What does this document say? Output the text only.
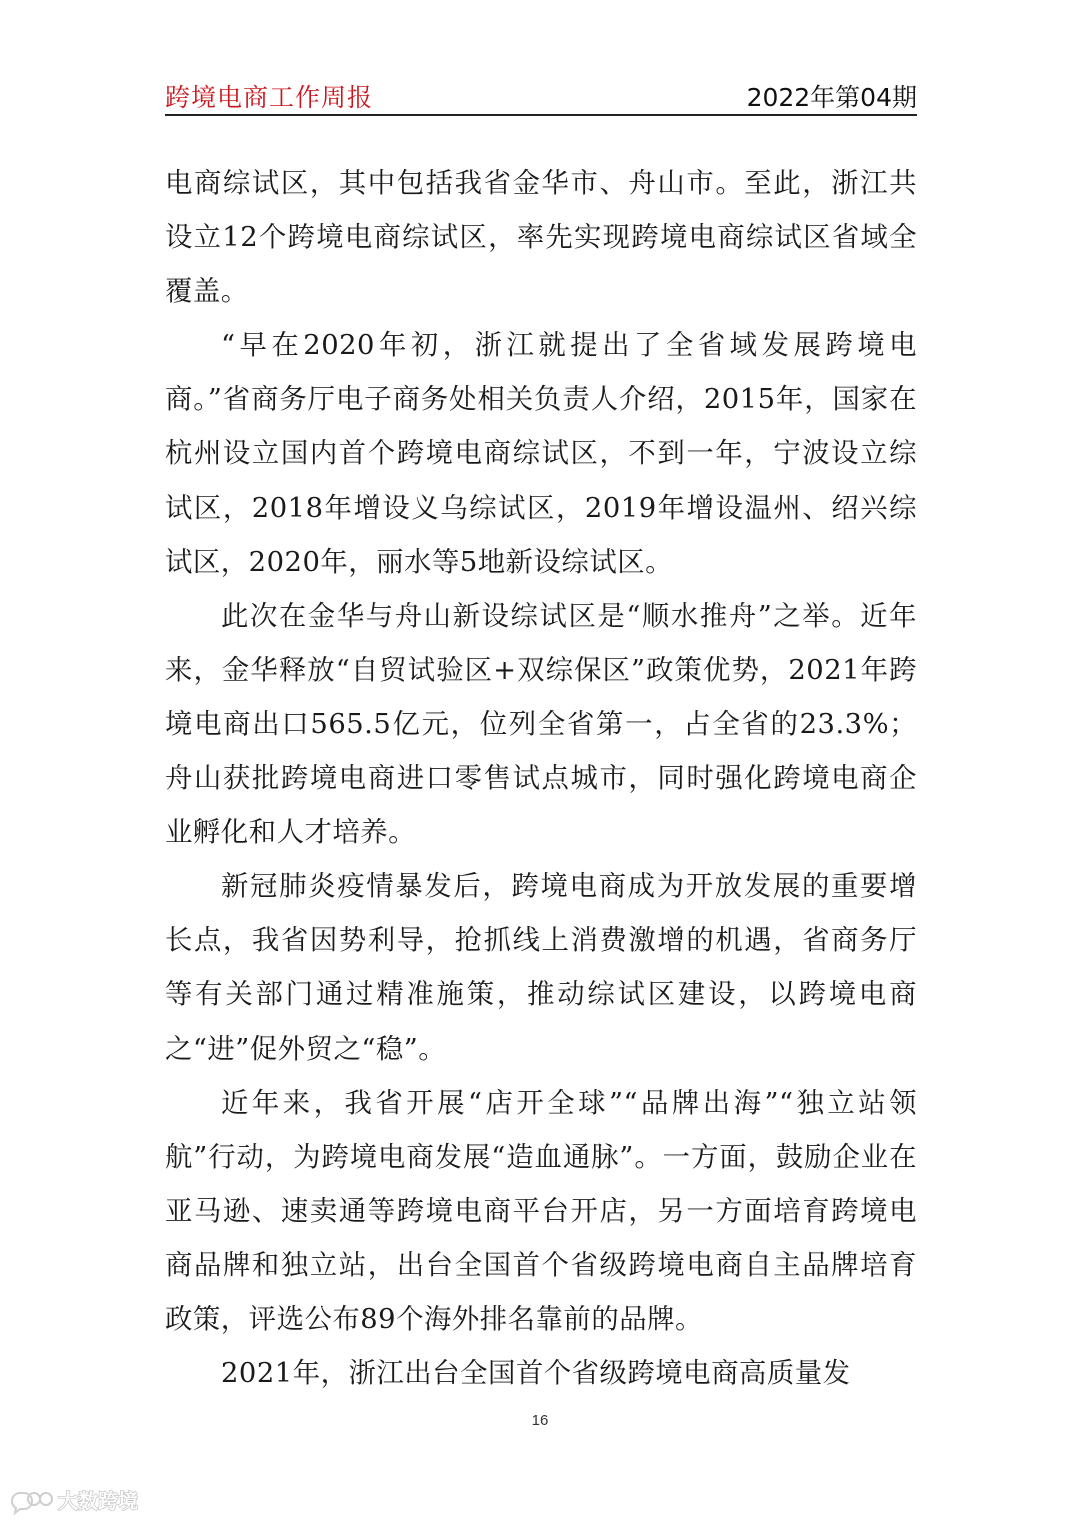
跨境电商工作周报	2022年第04期

电商综试区，其中包括我省金华市、舟山市。至此，浙江共设立12个跨境电商综试区，率先实现跨境电商综试区省域全覆盖。

“早在2020年初，浙江就提出了全省域发展跨境电商。”省商务厅电子商务处相关负责人介绍，2015年，国家在杭州设立国内首个跨境电商综试区，不到一年，宁波设立综试区，2018年增设义乌综试区，2019年增设温州、绍兴综试区，2020年，丽水等5地新设综试区。

此次在金华与舟山新设综试区是“顺水推舟”之举。近年来，金华释放“自贸试验区+双综保区”政策优势，2021年跨境电商出口565.5亿元，位列全省第一，占全省的23.3%；舟山获批跨境电商进口零售试点城市，同时强化跨境电商企业孵化和人才培养。

新冠肺炎疫情暴发后，跨境电商成为开放发展的重要增长点，我省因势利导，抢抓线上消费激增的机遇，省商务厅等有关部门通过精准施策，推动综试区建设，以跨境电商之“进”促外贸之“稳”。

近年来，我省开展“店开全球”“品牌出海”“独立站领航”行动，为跨境电商发展“造血通脉”。一方面，鼓励企业在亚马逊、速卖通等跨境电商平台开店，另一方面培育跨境电商品牌和独立站，出台全国首个省级跨境电商自主品牌培育政策，评选公布89个海外排名靠前的品牌。

2021年，浙江出台全国首个省级跨境电商高质量发

16
大数跨境
